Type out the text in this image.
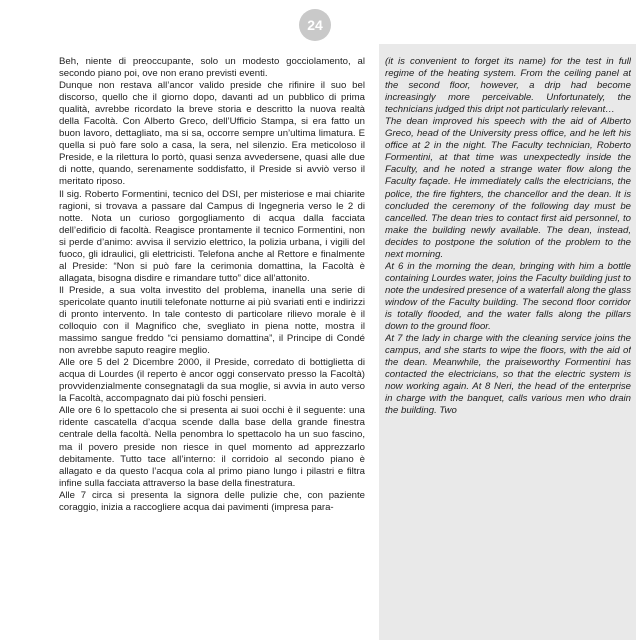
24

Beh, niente di preoccupante, solo un modesto gocciolamento, al secondo piano poi, ove non erano previsti eventi.

Dunque non restava all’ancor valido preside che rifinire il suo bel discorso, quello che il giorno dopo, davanti ad un pubblico di prima qualità, avrebbe ricordato la breve storia e descritto la nuova realtà della Facoltà. Con Alberto Greco, dell’Ufficio Stampa, si era fatto un buon lavoro, dettagliato, ma si sa, occorre sempre un’ultima limatura. E quella si può fare solo a casa, la sera, nel silenzio. Era meticoloso il Preside, e la rilettura lo portò, quasi senza avvedersene, quasi alle due di notte, quando, serenamente soddisfatto, il Preside si avviò verso il meritato riposo.

Il sig. Roberto Formentini, tecnico del DSI, per misteriose e mai chiarite ragioni, si trovava a passare dal Campus di Ingegneria verso le 2 di notte. Nota un curioso gorgogliamento di acqua dalla facciata dell’edificio di facoltà. Reagisce prontamente il tecnico Formentini, non si perde d’animo: avvisa il servizio elettrico, la polizia urbana, i vigili del fuoco, gli idraulici, gli elettricisti. Telefona anche al Rettore e finalmente al Preside: “Non si può fare la cerimonia domattina, la Facoltà è allagata, bisogna disdire e rimandare tutto” dice all’attonito.

Il Preside, a sua volta investito del problema, inanella una serie di spericolate quanto inutili telefonate notturne ai più svariati enti e indirizzi di pronto intervento. In tale contesto di particolare rilievo morale è il colloquio con il Magnifico che, svegliato in piena notte, mostra il massimo sangue freddo “ci pensiamo domattina”, il Principe di Condé non avrebbe saputo reagire meglio.

Alle ore 5 del 2 Dicembre 2000, il Preside, corredato di bottiglietta di acqua di Lourdes (il reperto è ancor oggi conservato presso la Facoltà) provvidenzialmente consegnatagli da sua moglie, si avvia in auto verso la Facoltà, accompagnato dai più foschi pensieri.

Alle ore 6 lo spettacolo che si presenta ai suoi occhi è il seguente: una ridente cascatella d’acqua scende dalla base della grande finestra centrale della facoltà. Nella penombra lo spettacolo ha un suo fascino, ma il povero preside non riesce in quel momento ad apprezzarlo debitamente. Tutto tace all’interno: il corridoio al secondo piano è allagato e da questo l’acqua cola al primo piano lungo i pilastri e filtra infine sulla facciata attraverso la base della finestratura.

Alle 7 circa si presenta la signora delle pulizie che, con paziente coraggio, inizia a raccogliere acqua dai pavimenti (impresa para-

(it is convenient to forget its name) for the test in full regime of the heating system. From the ceiling panel at the second floor, however, a drip had become increasingly more perceivable. Unfortunately, the technicians judged this dript not particularly relevant…

The dean improved his speech with the aid of Alberto Greco, head of the University press office, and he left his office at 2 in the night. The Faculty technician, Roberto Formentini, at that time was unexpectedly inside the Faculty, and he noted a strange water flow along the Faculty façade. He immediately calls the electricians, the police, the fire fighters, the chancellor and the dean. It is concluded the ceremony of the following day must be cancelled. The dean tries to contact first aid personnel, to make the building newly available. The dean, instead, decides to postpone the solution of the problem to the next morning.

At 6 in the morning the dean, bringing with him a bottle containing Lourdes water, joins the Faculty building just to note the undesired presence of a waterfall along the glass window of the Faculty building. The second floor corridor is totally flooded, and the water falls along the pillars down to the ground floor.

At 7 the lady in charge with the cleaning service joins the campus, and she starts to wipe the floors, with the aid of the dean. Meanwhile, the praiseworthy Formentini has contacted the electricians, so that the electric system is now working again. At 8 Neri, the head of the enterprise in charge with the banquet, calls various men who drain the building. Two
